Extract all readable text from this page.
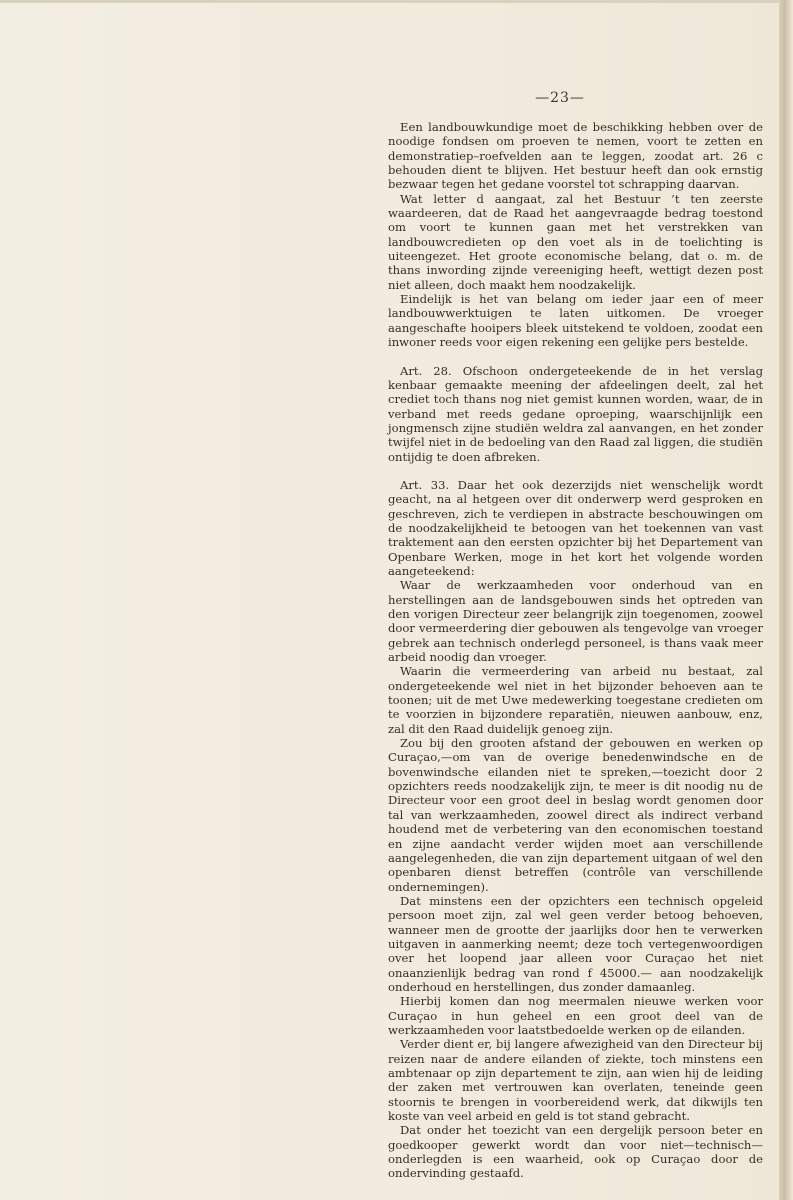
—23—

Een landbouwkundige moet de beschikking hebben over de noodige fondsen om proeven te nemen, voort te zetten en demonstratiep–roefvelden aan te leggen, zoodat art. 26 c behouden dient te blijven. Het bestuur heeft dan ook ernstig bezwaar tegen het gedane voorstel tot schrapping daarvan.

Wat letter d aangaat, zal het Bestuur ’t ten zeerste waardeeren, dat de Raad het aangevraagde bedrag toestond om voort te kunnen gaan met het verstrekken van landbouwcredieten op den voet als in de toelichting is uiteengezet. Het groote economische belang, dat o. m. de thans inwording zijnde vereeniging heeft, wettigt dezen post niet alleen, doch maakt hem noodzakelijk.

Eindelijk is het van belang om ieder jaar een of meer landbouwwerktuigen te laten uitkomen. De vroeger aangeschafte hooipers bleek uitstekend te voldoen, zoodat een inwoner reeds voor eigen rekening een gelijke pers bestelde.

Art. 28. Ofschoon ondergeteekende de in het verslag kenbaar gemaakte meening der afdeelingen deelt, zal het crediet toch thans nog niet gemist kunnen worden, waar, de in verband met reeds gedane oproeping, waarschijnlijk een jongmensch zijne studiën weldra zal aanvangen, en het zonder twijfel niet in de bedoeling van den Raad zal liggen, die studiën ontijdig te doen afbreken.

Art. 33. Daar het ook dezerzijds niet wenschelijk wordt geacht, na al hetgeen over dit onderwerp werd gesproken en geschreven, zich te verdiepen in abstracte beschouwingen om de noodzakelijkheid te betoogen van het toekennen van vast traktement aan den eersten opzichter bij het Departement van Openbare Werken, moge in het kort het volgende worden aangeteekend:

Waar de werkzaamheden voor onderhoud van en herstellingen aan de landsgebouwen sinds het optreden van den vorigen Directeur zeer belangrijk zijn toegenomen, zoowel door vermeerdering dier gebouwen als tengevolge van vroeger gebrek aan technisch onderlegd personeel, is thans vaak meer arbeid noodig dan vroeger.

Waarin die vermeerdering van arbeid nu bestaat, zal ondergeteekende wel niet in het bijzonder behoeven aan te toonen; uit de met Uwe medewerking toegestane credieten om te voorzien in bijzondere reparatiën, nieuwen aanbouw, enz, zal dit den Raad duidelijk genoeg zijn.

Zou bij den grooten afstand der gebouwen en werken op Curaçao,—om van de overige benedenwindsche en de bovenwindsche eilanden niet te spreken,—toezicht door 2 opzichters reeds noodzakelijk zijn, te meer is dit noodig nu de Directeur voor een groot deel in beslag wordt genomen door tal van werkzaamheden, zoowel direct als indirect verband houdend met de verbetering van den economischen toestand en zijne aandacht verder wijden moet aan verschillende aangelegenheden, die van zijn departement uitgaan of wel den openbaren dienst betreffen (contrôle van verschillende ondernemingen).

Dat minstens een der opzichters een technisch opgeleid persoon moet zijn, zal wel geen verder betoog behoeven, wanneer men de grootte der jaarlijks door hen te verwerken uitgaven in aanmerking neemt; deze toch vertegenwoordigen over het loopend jaar alleen voor Curaçao het niet onaanzienlijk bedrag van rond f 45000.— aan noodzakelijk onderhoud en herstellingen, dus zonder damaanleg.

Hierbij komen dan nog meermalen nieuwe werken voor Curaçao in hun geheel en een groot deel van de werkzaamheden voor laatstbedoelde werken op de eilanden.

Verder dient er, bij langere afwezigheid van den Directeur bij reizen naar de andere eilanden of ziekte, toch minstens een ambtenaar op zijn departement te zijn, aan wien hij de leiding der zaken met vertrouwen kan overlaten, teneinde geen stoornis te brengen in voorbereidend werk, dat dikwijls ten koste van veel arbeid en geld is tot stand gebracht.

Dat onder het toezicht van een dergelijk persoon beter en goedkooper gewerkt wordt dan voor niet—technisch—onderlegden is een waarheid, ook op Curaçao door de ondervinding gestaafd.
